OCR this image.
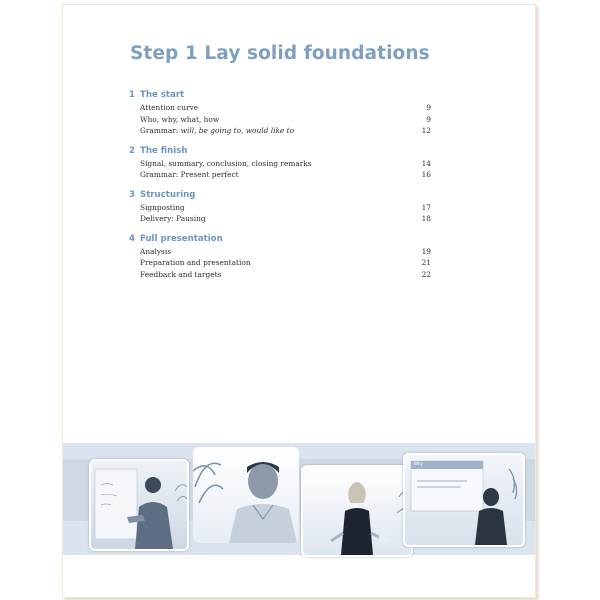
Step 1 Lay solid foundations
1 The start
Attention curve	9
Who, why, what, how	9
Grammar: will, be going to, would like to	12
2 The finish
Signal, summary, conclusion, closing remarks	14
Grammar: Present perfect	16
3 Structuring
Signposting	17
Delivery: Pausing	18
4 Full presentation
Analysis	19
Preparation and presentation	21
Feedback and targets	22
Why
